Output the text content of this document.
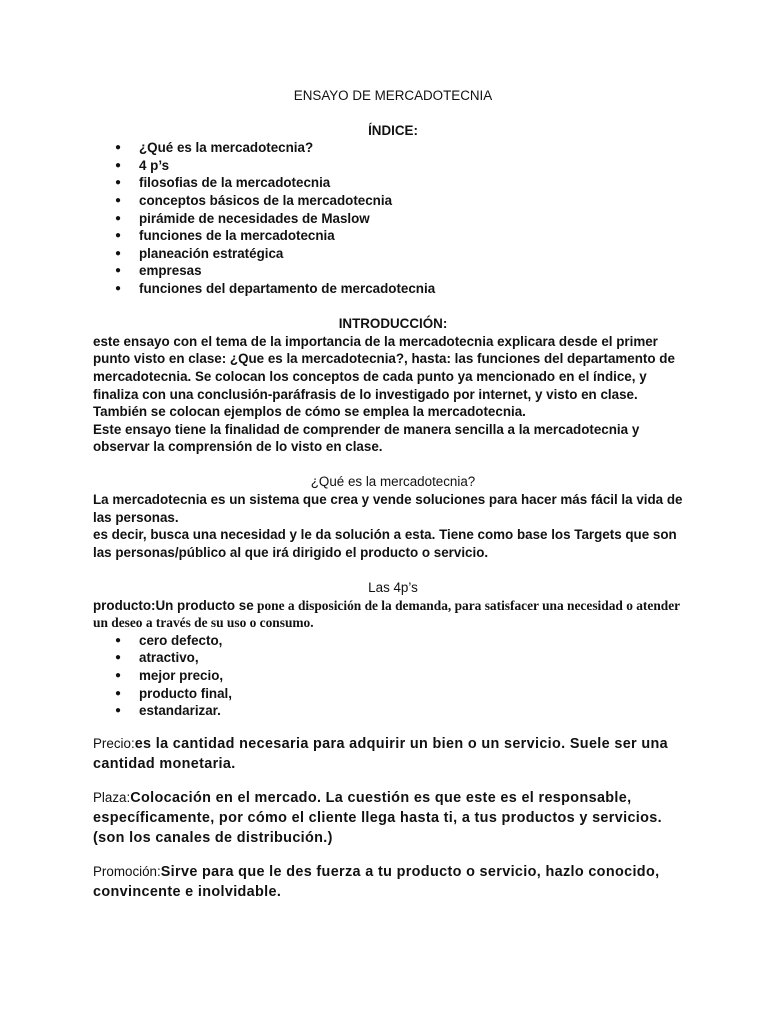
ENSAYO DE MERCADOTECNIA
ÍNDICE:
● ¿Qué es la mercadotecnia?
● 4 p’s
● filosofias de la mercadotecnia
● conceptos básicos de la mercadotecnia
● pirámide de necesidades de Maslow
● funciones de la mercadotecnia
● planeación estratégica
● empresas
● funciones del departamento de mercadotecnia
INTRODUCCIÓN:

este ensayo con el tema de la importancia de la mercadotecnia explicara desde el primer punto visto en clase: ¿Que es la mercadotecnia?, hasta: las funciones del departamento de mercadotecnia. Se colocan los conceptos de cada punto ya mencionado en el índice, y finaliza con una conclusión-paráfrasis de lo investigado por internet, y visto en clase.

También se colocan ejemplos de cómo se emplea la mercadotecnia.

Este ensayo tiene la finalidad de comprender de manera sencilla a la mercadotecnia y observar la comprensión de lo visto en clase.

¿Qué es la mercadotecnia?

La mercadotecnia es un sistema que crea y vende soluciones para hacer más fácil la vida de las personas.

es decir, busca una necesidad y le da solución a esta. Tiene como base los Targets que son las personas/público al que irá dirigido el producto o servicio.

Las 4p’s

producto:Un producto se pone a disposición de la demanda, para satisfacer una necesidad o atender un deseo a través de su uso o consumo.

● cero defecto,
● atractivo,
● mejor precio,
● producto final,
● estandarizar.

Precio:es la cantidad necesaria para adquirir un bien o un servicio. Suele ser una cantidad monetaria.

Plaza:Colocación en el mercado. La cuestión es que este es el responsable, específicamente, por cómo el cliente llega hasta ti, a tus productos y servicios. (son los canales de distribución.)

Promoción:Sirve para que le des fuerza a tu producto o servicio, hazlo conocido, convincente e inolvidable.
